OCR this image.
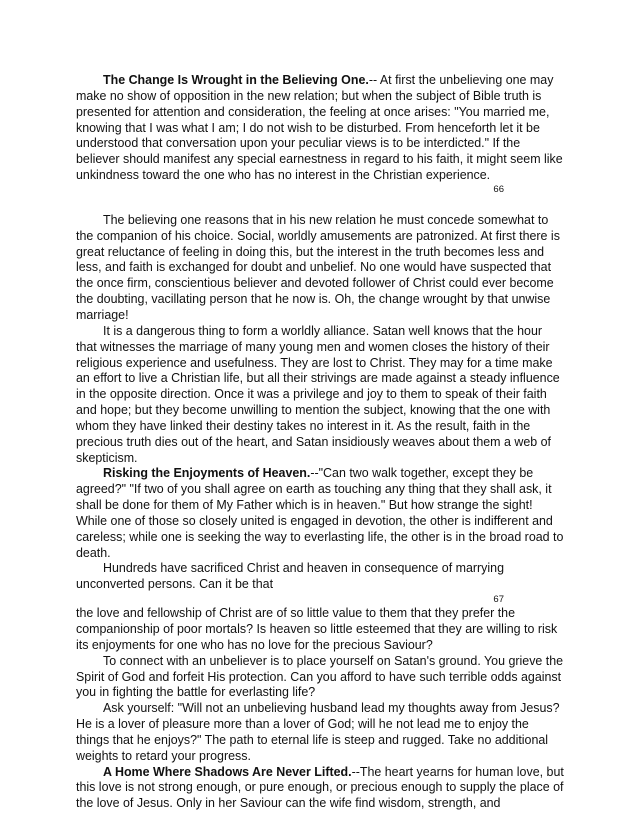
The Change Is Wrought in the Believing One.-- At first the unbelieving one may make no show of opposition in the new relation; but when the subject of Bible truth is presented for attention and consideration, the feeling at once arises: "You married me, knowing that I was what I am; I do not wish to be disturbed. From henceforth let it be understood that conversation upon your peculiar views is to be interdicted." If the believer should manifest any special earnestness in regard to his faith, it might seem like unkindness toward the one who has no interest in the Christian experience.

66

The believing one reasons that in his new relation he must concede somewhat to the companion of his choice. Social, worldly amusements are patronized. At first there is great reluctance of feeling in doing this, but the interest in the truth becomes less and less, and faith is exchanged for doubt and unbelief. No one would have suspected that the once firm, conscientious believer and devoted follower of Christ could ever become the doubting, vacillating person that he now is. Oh, the change wrought by that unwise marriage!

It is a dangerous thing to form a worldly alliance. Satan well knows that the hour that witnesses the marriage of many young men and women closes the history of their religious experience and usefulness. They are lost to Christ. They may for a time make an effort to live a Christian life, but all their strivings are made against a steady influence in the opposite direction. Once it was a privilege and joy to them to speak of their faith and hope; but they become unwilling to mention the subject, knowing that the one with whom they have linked their destiny takes no interest in it. As the result, faith in the precious truth dies out of the heart, and Satan insidiously weaves about them a web of skepticism.

Risking the Enjoyments of Heaven.--"Can two walk together, except they be agreed?" "If two of you shall agree on earth as touching any thing that they shall ask, it shall be done for them of My Father which is in heaven." But how strange the sight! While one of those so closely united is engaged in devotion, the other is indifferent and careless; while one is seeking the way to everlasting life, the other is in the broad road to death.

Hundreds have sacrificed Christ and heaven in consequence of marrying unconverted persons. Can it be that

67

the love and fellowship of Christ are of so little value to them that they prefer the companionship of poor mortals? Is heaven so little esteemed that they are willing to risk its enjoyments for one who has no love for the precious Saviour?

To connect with an unbeliever is to place yourself on Satan's ground. You grieve the Spirit of God and forfeit His protection. Can you afford to have such terrible odds against you in fighting the battle for everlasting life?

Ask yourself: "Will not an unbelieving husband lead my thoughts away from Jesus? He is a lover of pleasure more than a lover of God; will he not lead me to enjoy the things that he enjoys?" The path to eternal life is steep and rugged. Take no additional weights to retard your progress.

A Home Where Shadows Are Never Lifted.--The heart yearns for human love, but this love is not strong enough, or pure enough, or precious enough to supply the place of the love of Jesus. Only in her Saviour can the wife find wisdom, strength, and
